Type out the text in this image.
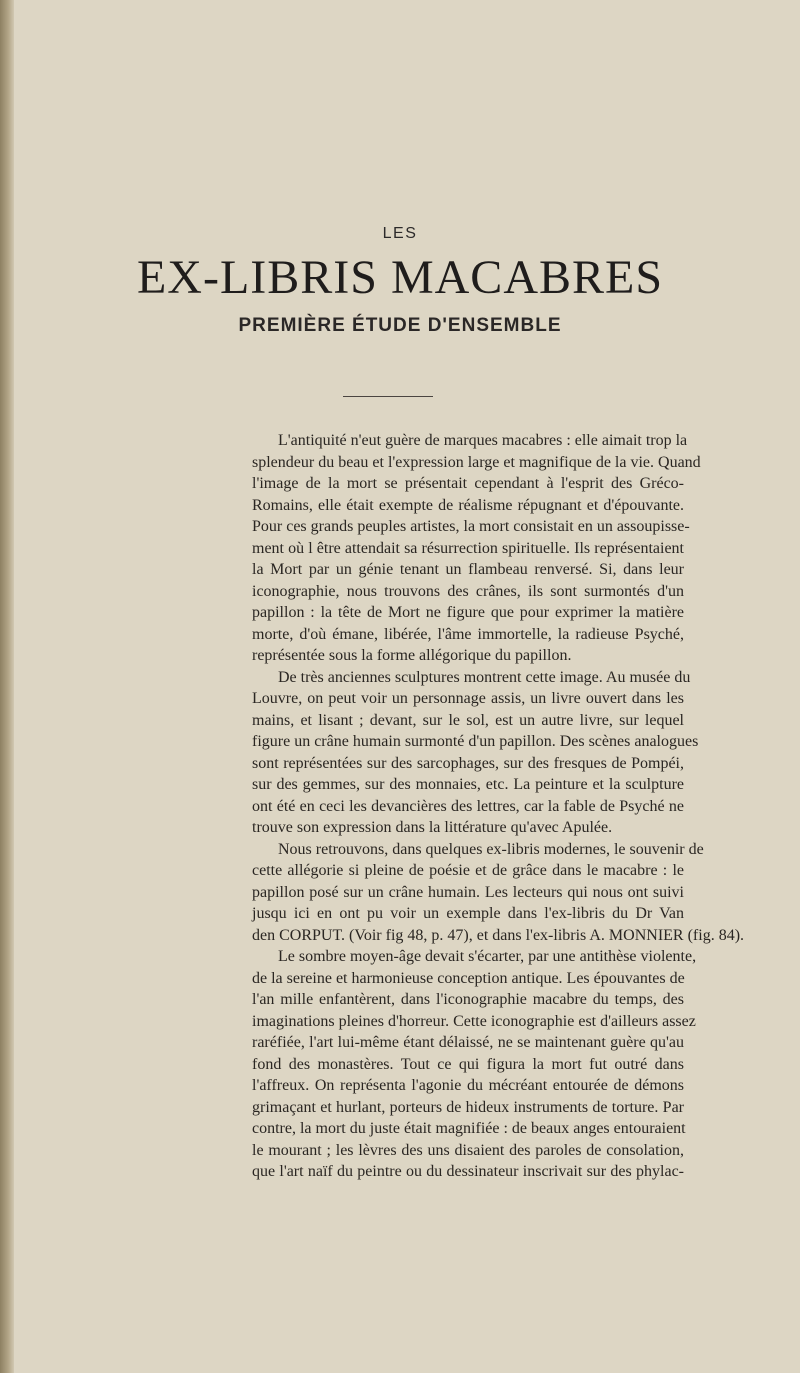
LES
EX-LIBRIS MACABRES
PREMIÈRE ÉTUDE D'ENSEMBLE
L'antiquité n'eut guère de marques macabres : elle aimait trop la
splendeur du beau et l'expression large et magnifique de la vie. Quand
l'image de la mort se présentait cependant à l'esprit des Gréco-
Romains, elle était exempte de réalisme répugnant et d'épouvante.
Pour ces grands peuples artistes, la mort consistait en un assoupisse-
ment où l être attendait sa résurrection spirituelle. Ils représentaient
la Mort par un génie tenant un flambeau renversé. Si, dans leur
iconographie, nous trouvons des crânes, ils sont surmontés d'un
papillon : la tête de Mort ne figure que pour exprimer la matière
morte, d'où émane, libérée, l'âme immortelle, la radieuse Psyché,
représentée sous la forme allégorique du papillon.
De très anciennes sculptures montrent cette image. Au musée du
Louvre, on peut voir un personnage assis, un livre ouvert dans les
mains, et lisant ; devant, sur le sol, est un autre livre, sur lequel
figure un crâne humain surmonté d'un papillon. Des scènes analogues
sont représentées sur des sarcophages, sur des fresques de Pompéi,
sur des gemmes, sur des monnaies, etc. La peinture et la sculpture
ont été en ceci les devancières des lettres, car la fable de Psyché ne
trouve son expression dans la littérature qu'avec Apulée.
Nous retrouvons, dans quelques ex-libris modernes, le souvenir de
cette allégorie si pleine de poésie et de grâce dans le macabre : le
papillon posé sur un crâne humain. Les lecteurs qui nous ont suivi
jusqu ici en ont pu voir un exemple dans l'ex-libris du Dr Van
den CORPUT. (Voir fig 48, p. 47), et dans l'ex-libris A. MONNIER (fig. 84).
Le sombre moyen-âge devait s'écarter, par une antithèse violente,
de la sereine et harmonieuse conception antique. Les épouvantes de
l'an mille enfantèrent, dans l'iconographie macabre du temps, des
imaginations pleines d'horreur. Cette iconographie est d'ailleurs assez
raréfiée, l'art lui-même étant délaissé, ne se maintenant guère qu'au
fond des monastères. Tout ce qui figura la mort fut outré dans
l'affreux. On représenta l'agonie du mécréant entourée de démons
grimaçant et hurlant, porteurs de hideux instruments de torture. Par
contre, la mort du juste était magnifiée : de beaux anges entouraient
le mourant ; les lèvres des uns disaient des paroles de consolation,
que l'art naïf du peintre ou du dessinateur inscrivait sur des phylac-
